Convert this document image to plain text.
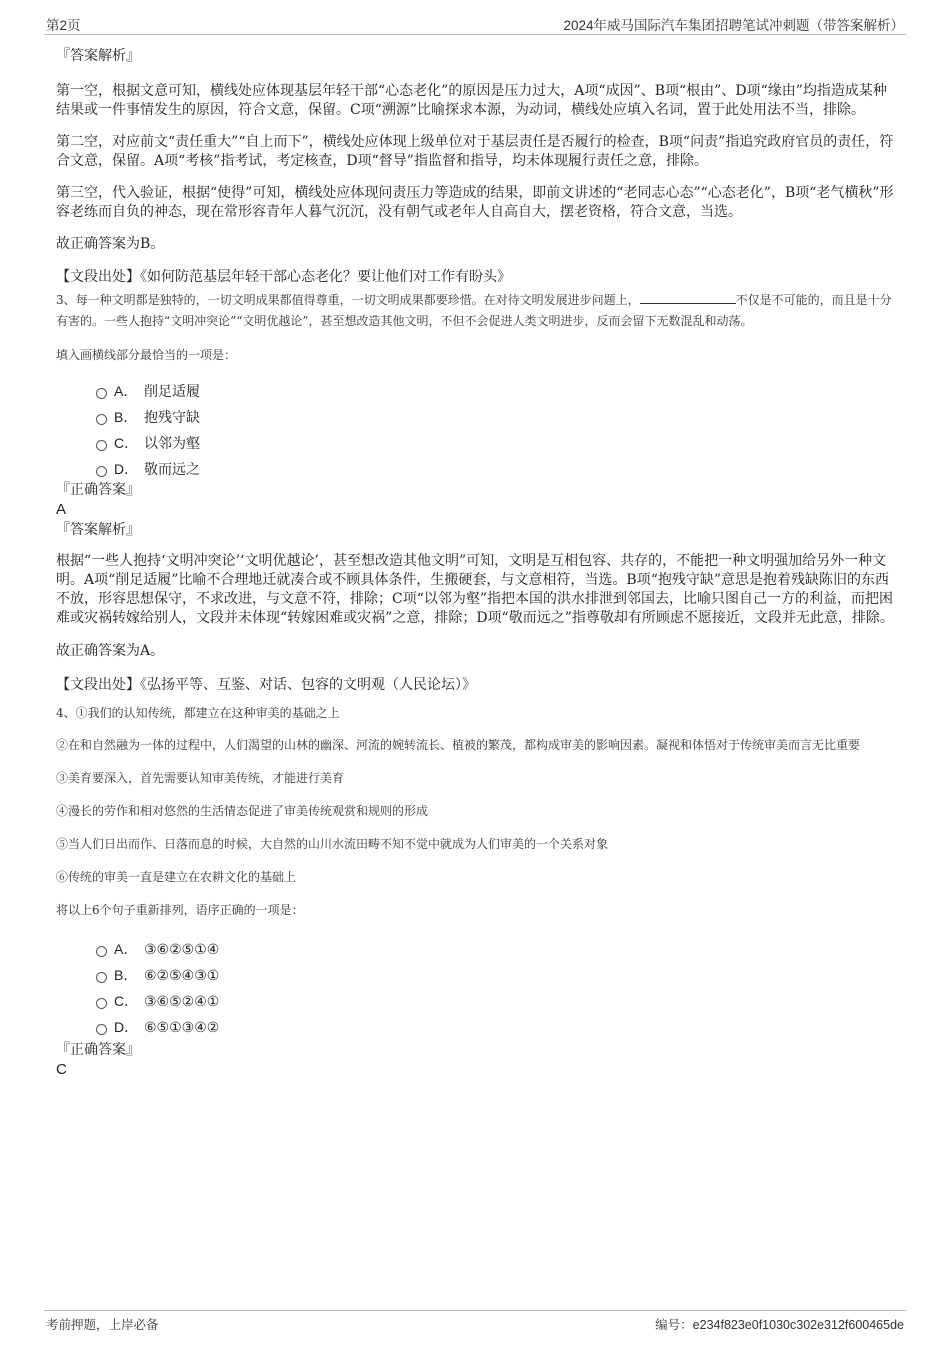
第2页	2024年威马国际汽车集团招聘笔试冲刺题（带答案解析）

『答案解析』

第一空，根据文意可知，横线处应体现基层年轻干部“心态老化”的原因是压力过大，A项“成因”、B项“根由”、D项“缘由”均指造成某种结果或一件事情发生的原因，符合文意，保留。C项“溯源”比喻探求本源，为动词，横线处应填入名词，置于此处用法不当，排除。

第二空，对应前文“责任重大”“自上而下”，横线处应体现上级单位对于基层责任是否履行的检查，B项“问责”指追究政府官员的责任，符合文意，保留。A项“考核”指考试，考定核查，D项“督导”指监督和指导，均未体现履行责任之意，排除。

第三空，代入验证，根据“使得”可知，横线处应体现问责压力等造成的结果，即前文讲述的“老同志心态”“心态老化”，B项“老气横秋”形容老练而自负的神态，现在常形容青年人暮气沉沉，没有朝气或老年人自高自大，摆老资格，符合文意，当选。

故正确答案为B。

【文段出处】《如何防范基层年轻干部心态老化？要让他们对工作有盼头》

3、每一种文明都是独特的，一切文明成果都值得尊重，一切文明成果都要珍惜。在对待文明发展进步问题上，	不仅是不可能的，而且是十分有害的。一些人抱持“文明冲突论”“文明优越论”，甚至想改造其他文明，不但不会促进人类文明进步，反而会留下无数混乱和动荡。

填入画横线部分最恰当的一项是：

A． 削足适履
B． 抱残守缺
C． 以邻为壑
D． 敬而远之

『正确答案』

A

『答案解析』

根据“一些人抱持‘文明冲突论’‘文明优越论’，甚至想改造其他文明”可知，文明是互相包容、共存的，不能把一种文明强加给另外一种文明。A项“削足适履”比喻不合理地迁就凑合或不顾具体条件，生搬硬套，与文意相符，当选。B项“抱残守缺”意思是抱着残缺陈旧的东西不放，形容思想保守，不求改进，与文意不符，排除；C项“以邻为壑”指把本国的洪水排泄到邻国去，比喻只图自己一方的利益，而把困难或灾祸转嫁给别人，文段并未体现“转嫁困难或灾祸”之意，排除；D项“敬而远之”指尊敬却有所顾虑不愿接近，文段并无此意，排除。

故正确答案为A。

【文段出处】《弘扬平等、互鉴、对话、包容的文明观（人民论坛）》

4、①我们的认知传统，都建立在这种审美的基础之上

②在和自然融为一体的过程中，人们渴望的山林的幽深、河流的婉转流长、植被的繁茂，都构成审美的影响因素。凝视和体悟对于传统审美而言无比重要

③美育要深入，首先需要认知审美传统，才能进行美育

④漫长的劳作和相对悠然的生活情态促进了审美传统观赏和规则的形成

⑤当人们日出而作、日落而息的时候，大自然的山川水流田畴不知不觉中就成为人们审美的一个关系对象

⑥传统的审美一直是建立在农耕文化的基础上

将以上6个句子重新排列，语序正确的一项是：

A． ③⑥②⑤①④
B． ⑥②⑤④③①
C． ③⑥⑤②④①
D． ⑥⑤①③④②

『正确答案』

C

考前押题，上岸必备	编号：e234f823e0f1030c302e312f600465de
